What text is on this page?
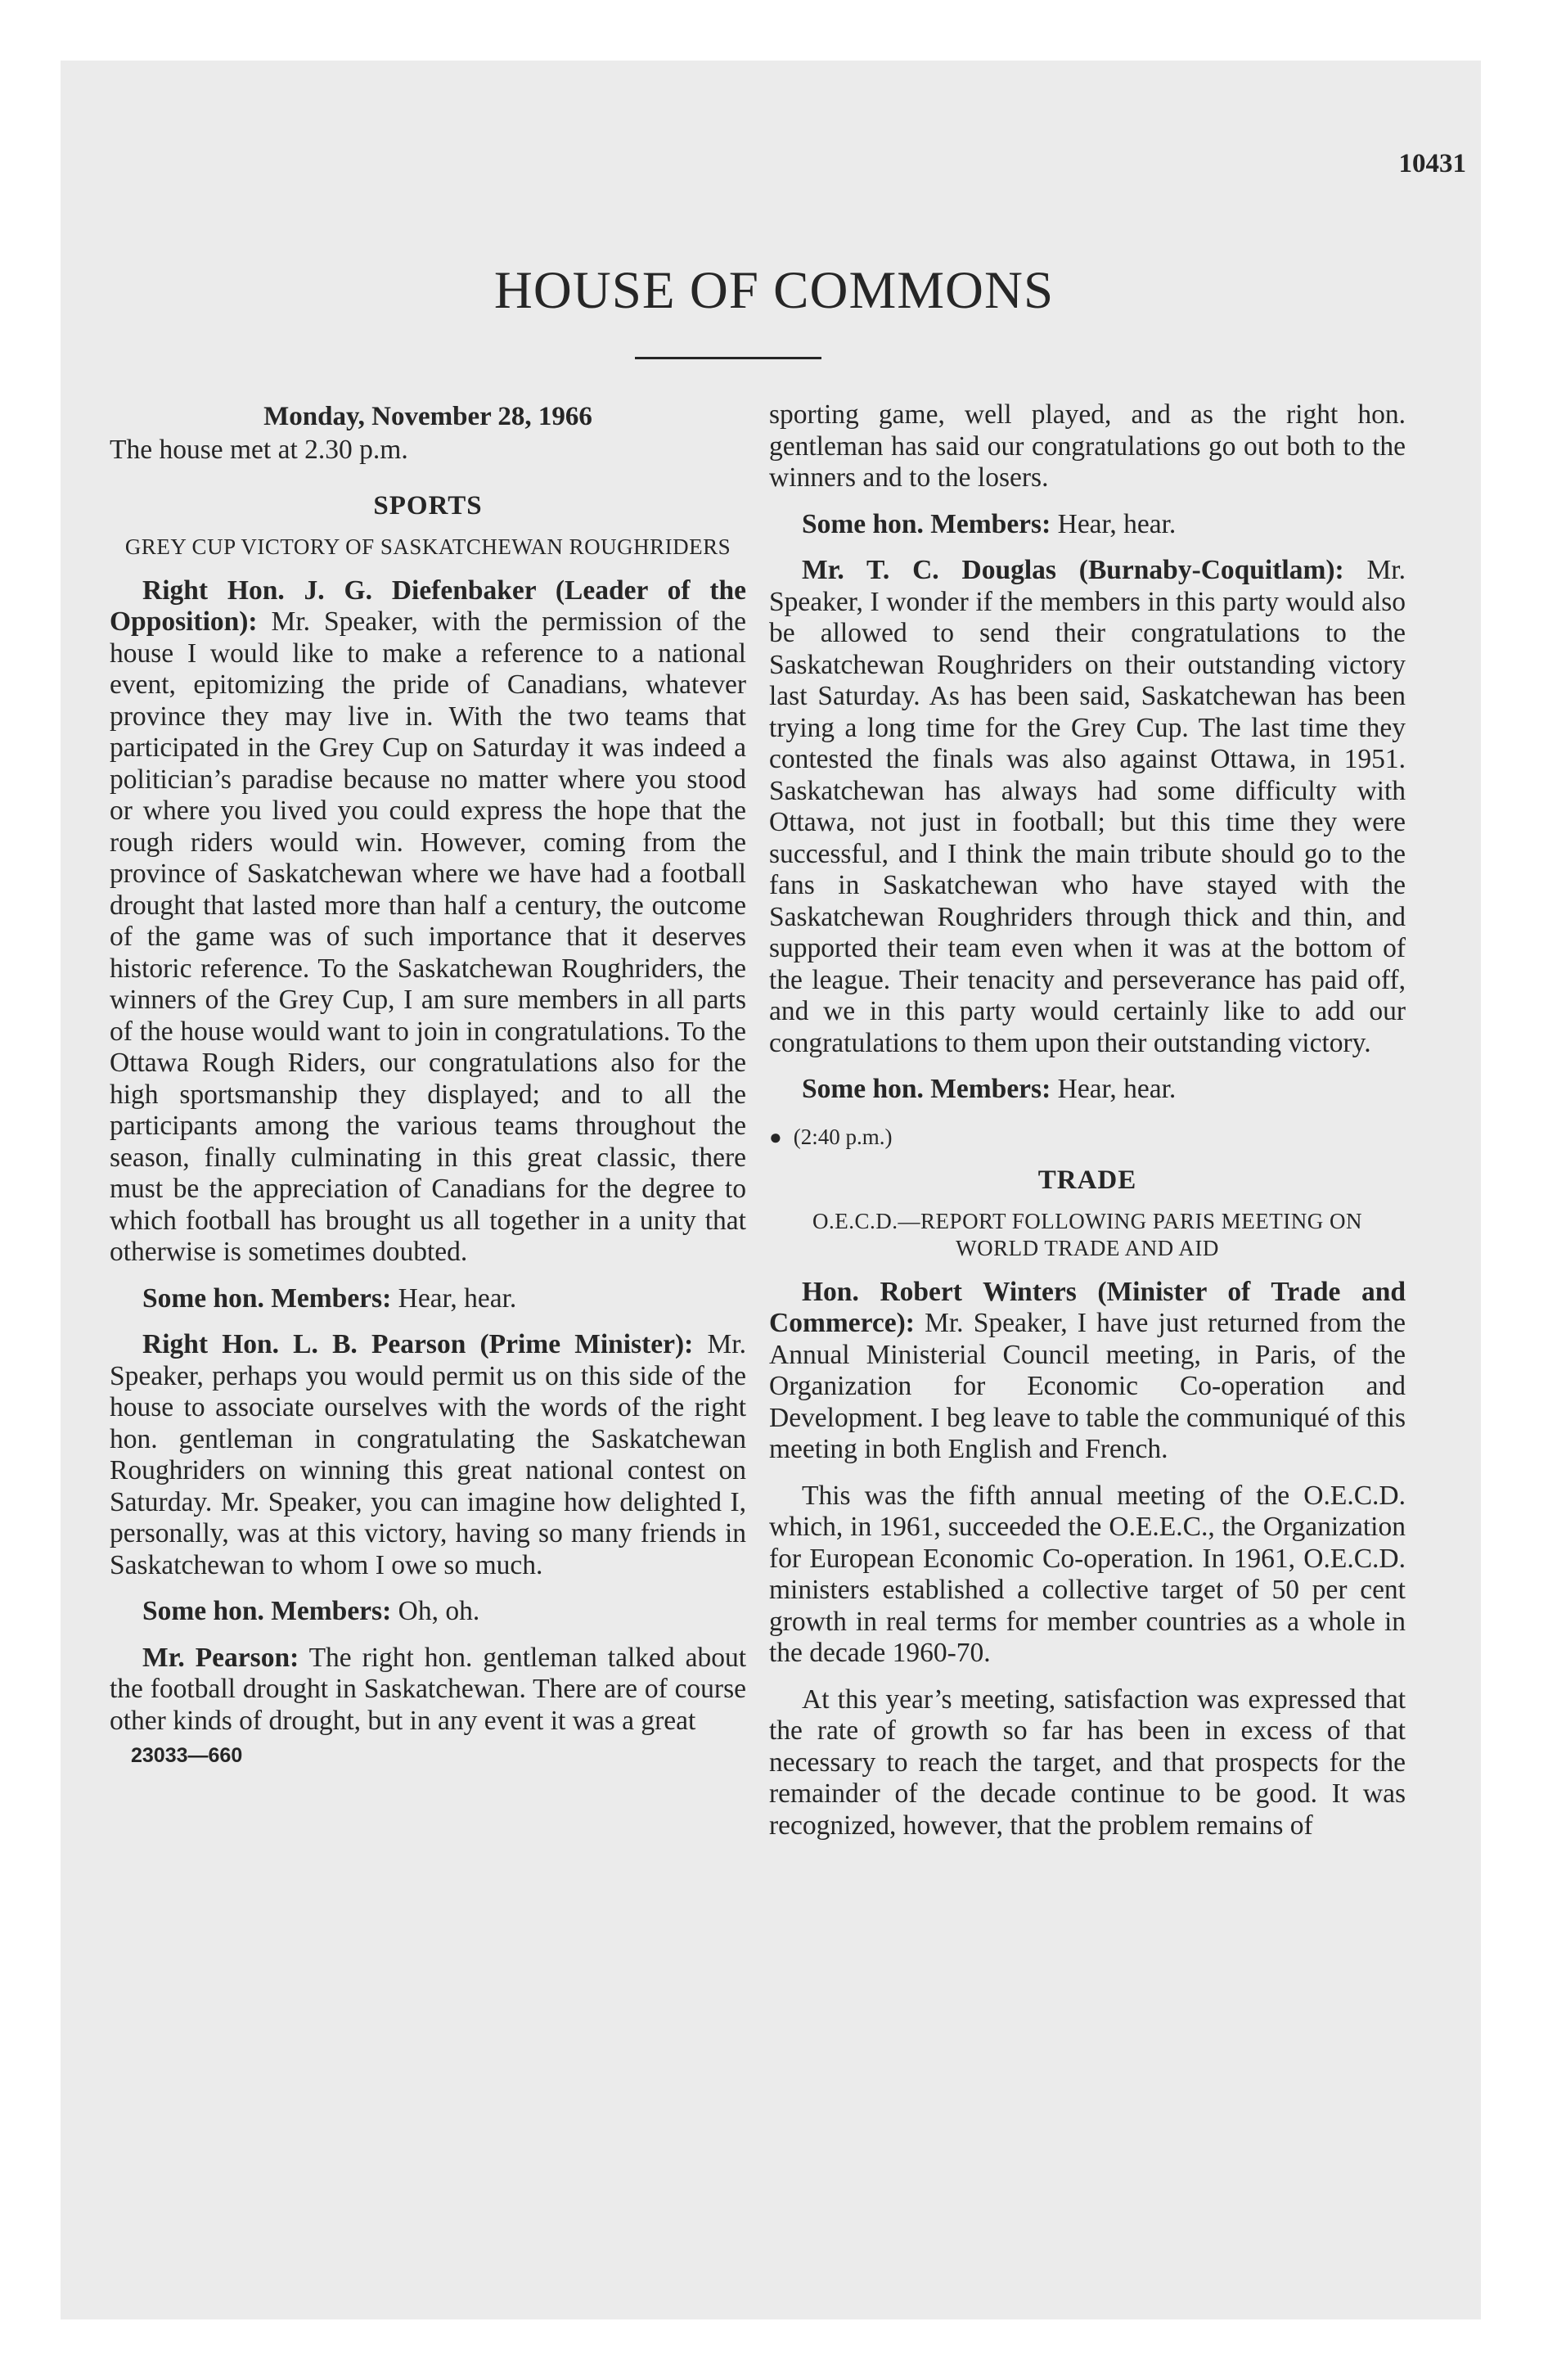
10431
HOUSE OF COMMONS
Monday, November 28, 1966

The house met at 2.30 p.m.

SPORTS
GREY CUP VICTORY OF SASKATCHEWAN ROUGHRIDERS

Right Hon. J. G. Diefenbaker (Leader of the Opposition): Mr. Speaker, with the permission of the house I would like to make a reference to a national event, epitomizing the pride of Canadians, whatever province they may live in. With the two teams that participated in the Grey Cup on Saturday it was indeed a politician’s paradise because no matter where you stood or where you lived you could express the hope that the rough riders would win. However, coming from the province of Saskatchewan where we have had a football drought that lasted more than half a century, the outcome of the game was of such importance that it deserves historic reference. To the Saskatchewan Roughriders, the winners of the Grey Cup, I am sure members in all parts of the house would want to join in congratulations. To the Ottawa Rough Riders, our congratulations also for the high sportsmanship they displayed; and to all the participants among the various teams throughout the season, finally culminating in this great classic, there must be the appreciation of Canadians for the degree to which football has brought us all together in a unity that otherwise is sometimes doubted.

Some hon. Members: Hear, hear.

Right Hon. L. B. Pearson (Prime Minister): Mr. Speaker, perhaps you would permit us on this side of the house to associate ourselves with the words of the right hon. gentleman in congratulating the Saskatchewan Roughriders on winning this great national contest on Saturday. Mr. Speaker, you can imagine how delighted I, personally, was at this victory, having so many friends in Saskatchewan to whom I owe so much.

Some hon. Members: Oh, oh.

Mr. Pearson: The right hon. gentleman talked about the football drought in Saskatchewan. There are of course other kinds of drought, but in any event it was a great

23033—660

sporting game, well played, and as the right hon. gentleman has said our congratulations go out both to the winners and to the losers.

Some hon. Members: Hear, hear.

Mr. T. C. Douglas (Burnaby-Coquitlam): Mr. Speaker, I wonder if the members in this party would also be allowed to send their congratulations to the Saskatchewan Roughriders on their outstanding victory last Saturday. As has been said, Saskatchewan has been trying a long time for the Grey Cup. The last time they contested the finals was also against Ottawa, in 1951. Saskatchewan has always had some difficulty with Ottawa, not just in football; but this time they were successful, and I think the main tribute should go to the fans in Saskatchewan who have stayed with the Saskatchewan Roughriders through thick and thin, and supported their team even when it was at the bottom of the league. Their tenacity and perseverance has paid off, and we in this party would certainly like to add our congratulations to them upon their outstanding victory.

Some hon. Members: Hear, hear.

● (2:40 p.m.)
TRADE
O.E.C.D.—REPORT FOLLOWING PARIS MEETING ON WORLD TRADE AND AID

Hon. Robert Winters (Minister of Trade and Commerce): Mr. Speaker, I have just returned from the Annual Ministerial Council meeting, in Paris, of the Organization for Economic Co-operation and Development. I beg leave to table the communiqué of this meeting in both English and French.

This was the fifth annual meeting of the O.E.C.D. which, in 1961, succeeded the O.E.E.C., the Organization for European Economic Co-operation. In 1961, O.E.C.D. ministers established a collective target of 50 per cent growth in real terms for member countries as a whole in the decade 1960-70.

At this year’s meeting, satisfaction was expressed that the rate of growth so far has been in excess of that necessary to reach the target, and that prospects for the remainder of the decade continue to be good. It was recognized, however, that the problem remains of
